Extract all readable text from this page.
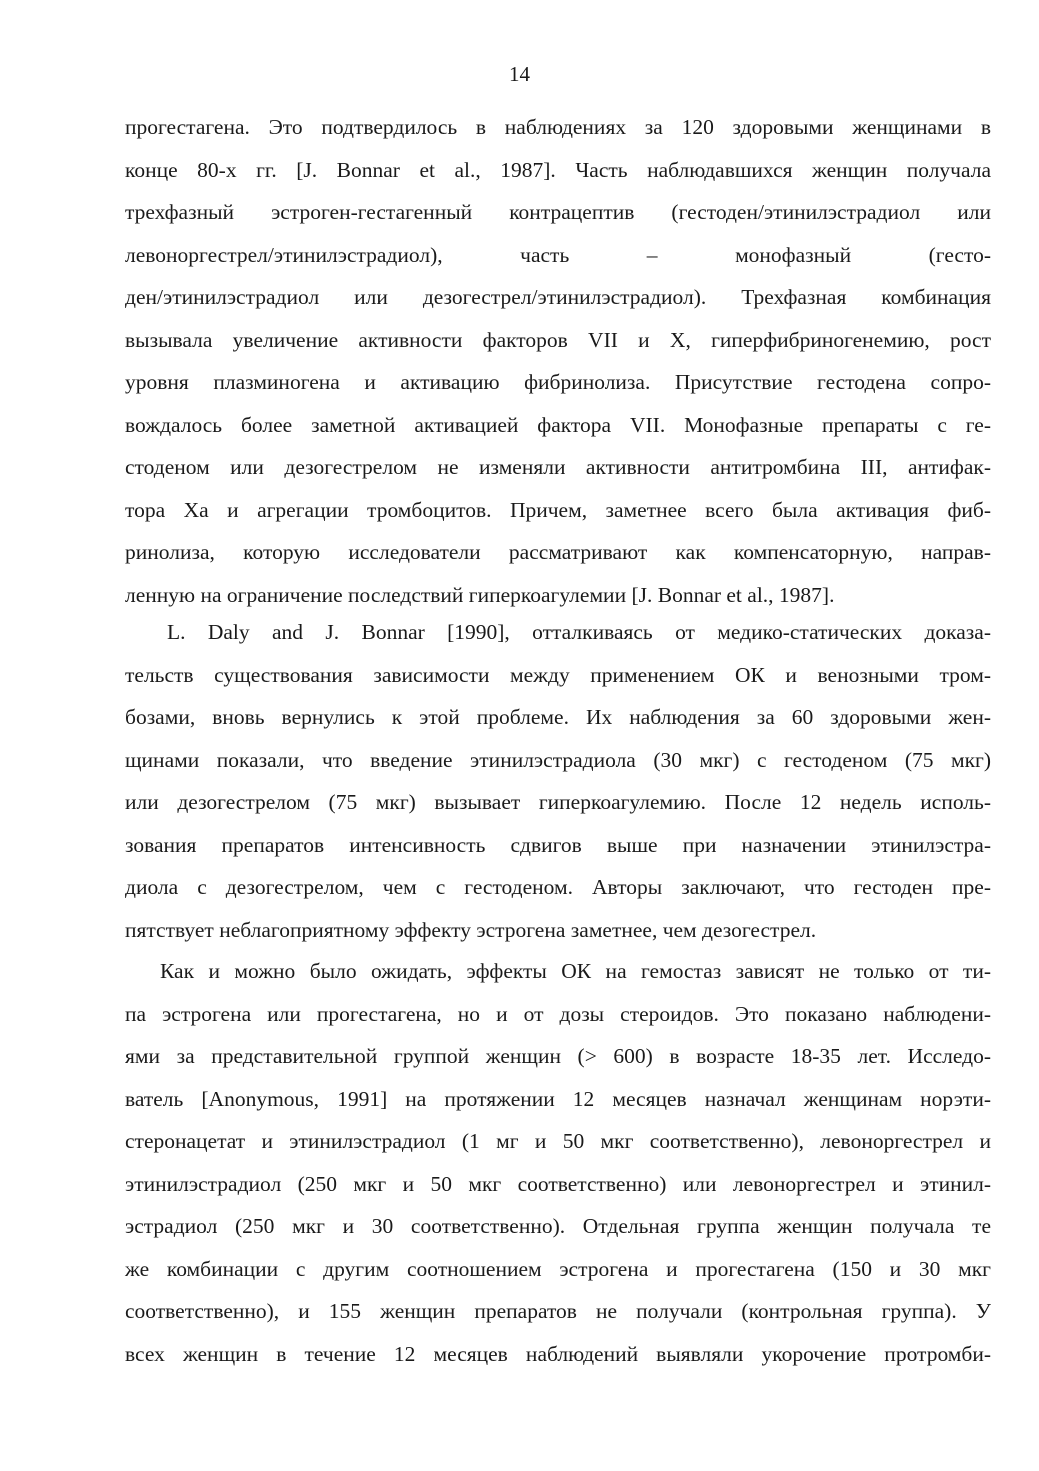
14
прогестагена. Это подтвердилось в наблюдениях за 120 здоровыми женщинами в
конце 80-х гг. [J. Bonnar et al., 1987]. Часть наблюдавшихся женщин получала
трехфазный эстроген-гестагенный контрацептив (гестоден/этинилэстрадиол или
левоноргестрел/этинилэстрадиол), часть – монофазный (гесто-
ден/этинилэстрадиол или дезогестрел/этинилэстрадиол). Трехфазная комбинация
вызывала увеличение активности факторов VII и X, гиперфибриногенемию, рост
уровня плазминогена и активацию фибринолиза. Присутствие гестодена сопро-
вождалось более заметной активацией фактора VII. Монофазные препараты с ге-
стоденом или дезогестрелом не изменяли активности антитромбина III, антифак-
тора Ха и агрегации тромбоцитов. Причем, заметнее всего была активация фиб-
ринолиза, которую исследователи рассматривают как компенсаторную, направ-
ленную на ограничение последствий гиперкоагулемии [J. Bonnar et al., 1987].
L. Daly and J. Bonnar [1990], отталкиваясь от медико-статических доказа-
тельств существования зависимости между применением ОК и венозными тром-
бозами, вновь вернулись к этой проблеме. Их наблюдения за 60 здоровыми жен-
щинами показали, что введение этинилэстрадиола (30 мкг) с гестоденом (75 мкг)
или дезогестрелом (75 мкг) вызывает гиперкоагулемию. После 12 недель исполь-
зования препаратов интенсивность сдвигов выше при назначении этинилэстра-
диола с дезогестрелом, чем с гестоденом. Авторы заключают, что гестоден пре-
пятствует неблагоприятному эффекту эстрогена заметнее, чем дезогестрел.
Как и можно было ожидать, эффекты ОК на гемостаз зависят не только от ти-
па эстрогена или прогестагена, но и от дозы стероидов. Это показано наблюдени-
ями за представительной группой женщин (> 600) в возрасте 18-35 лет. Исследо-
ватель [Anonymous, 1991] на протяжении 12 месяцев назначал женщинам норэти-
стеронацетат и этинилэстрадиол (1 мг и 50 мкг соответственно), левоноргестрел и
этинилэстрадиол (250 мкг и 50 мкг соответственно) или левоноргестрел и этинил-
эстрадиол (250 мкг и 30 соответственно). Отдельная группа женщин получала те
же комбинации с другим соотношением эстрогена и прогестагена (150 и 30 мкг
соответственно), и 155 женщин препаратов не получали (контрольная группа). У
всех женщин в течение 12 месяцев наблюдений выявляли укорочение протромби-
